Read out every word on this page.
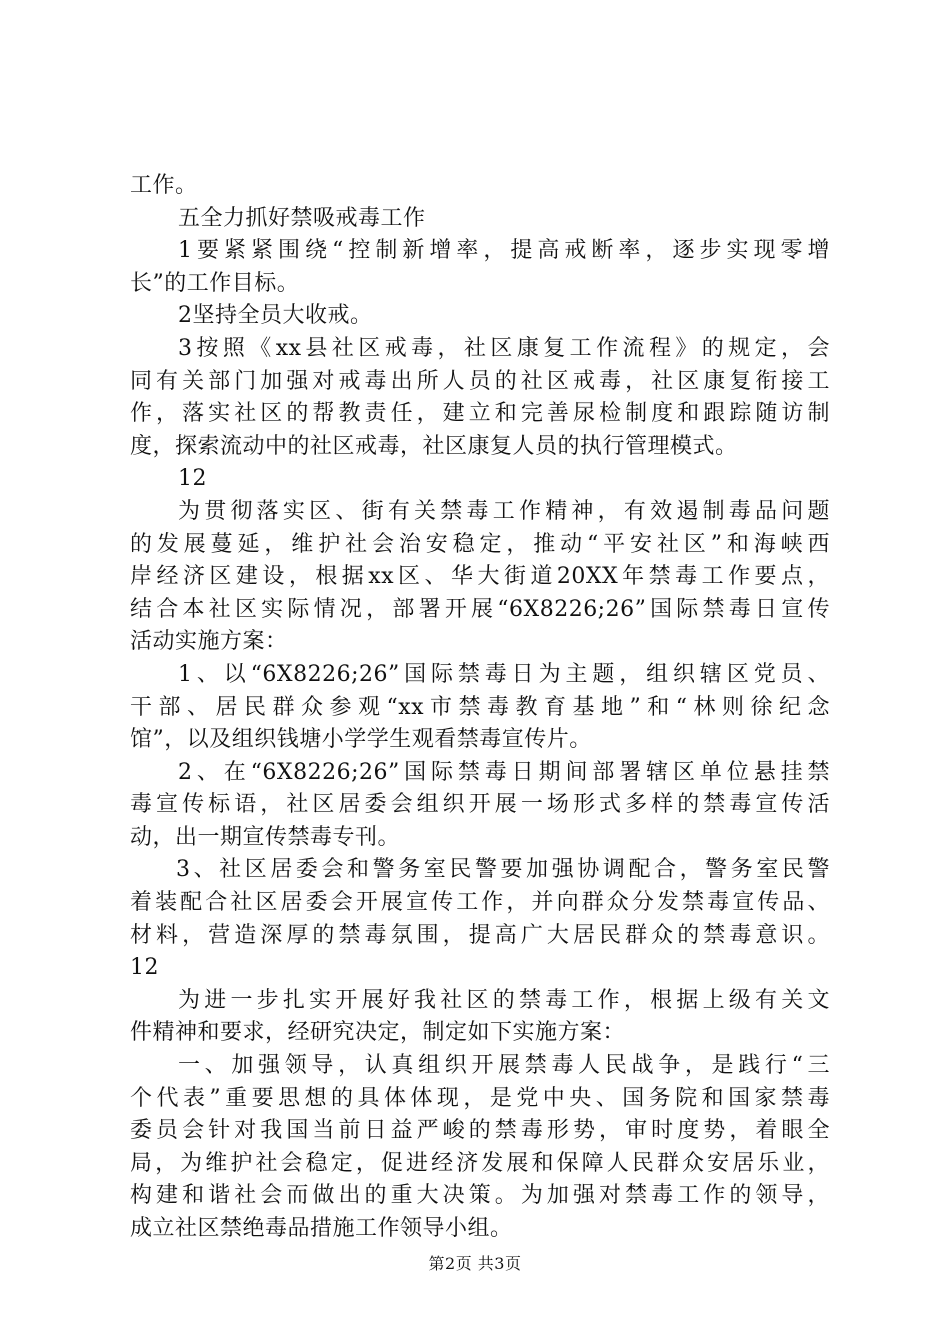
工作。
五全力抓好禁吸戒毒工作
1要紧紧围绕“控制新增率，提高戒断率，逐步实现零增
长”的工作目标。
2坚持全员大收戒。
3按照《xx县社区戒毒，社区康复工作流程》的规定，会
同有关部门加强对戒毒出所人员的社区戒毒，社区康复衔接工
作，落实社区的帮教责任，建立和完善尿检制度和跟踪随访制
度，探索流动中的社区戒毒，社区康复人员的执行管理模式。
12
为贯彻落实区、街有关禁毒工作精神，有效遏制毒品问题
的发展蔓延，维护社会治安稳定，推动“平安社区”和海峡西
岸经济区建设，根据xx区、华大街道20XX年禁毒工作要点，
结合本社区实际情况，部署开展“6X8226;26”国际禁毒日宣传
活动实施方案：
1、以“6X8226;26”国际禁毒日为主题，组织辖区党员、
干部、居民群众参观“xx市禁毒教育基地”和“林则徐纪念
馆”，以及组织钱塘小学学生观看禁毒宣传片。
2、在“6X8226;26”国际禁毒日期间部署辖区单位悬挂禁
毒宣传标语，社区居委会组织开展一场形式多样的禁毒宣传活
动，出一期宣传禁毒专刊。
3、社区居委会和警务室民警要加强协调配合，警务室民警
着装配合社区居委会开展宣传工作，并向群众分发禁毒宣传品、
材料，营造深厚的禁毒氛围，提高广大居民群众的禁毒意识。
12
为进一步扎实开展好我社区的禁毒工作，根据上级有关文
件精神和要求，经研究决定，制定如下实施方案：
一、加强领导，认真组织开展禁毒人民战争，是践行“三
个代表”重要思想的具体体现，是党中央、国务院和国家禁毒
委员会针对我国当前日益严峻的禁毒形势，审时度势，着眼全
局，为维护社会稳定，促进经济发展和保障人民群众安居乐业，
构建和谐社会而做出的重大决策。为加强对禁毒工作的领导，
成立社区禁绝毒品措施工作领导小组。
第2页 共3页
